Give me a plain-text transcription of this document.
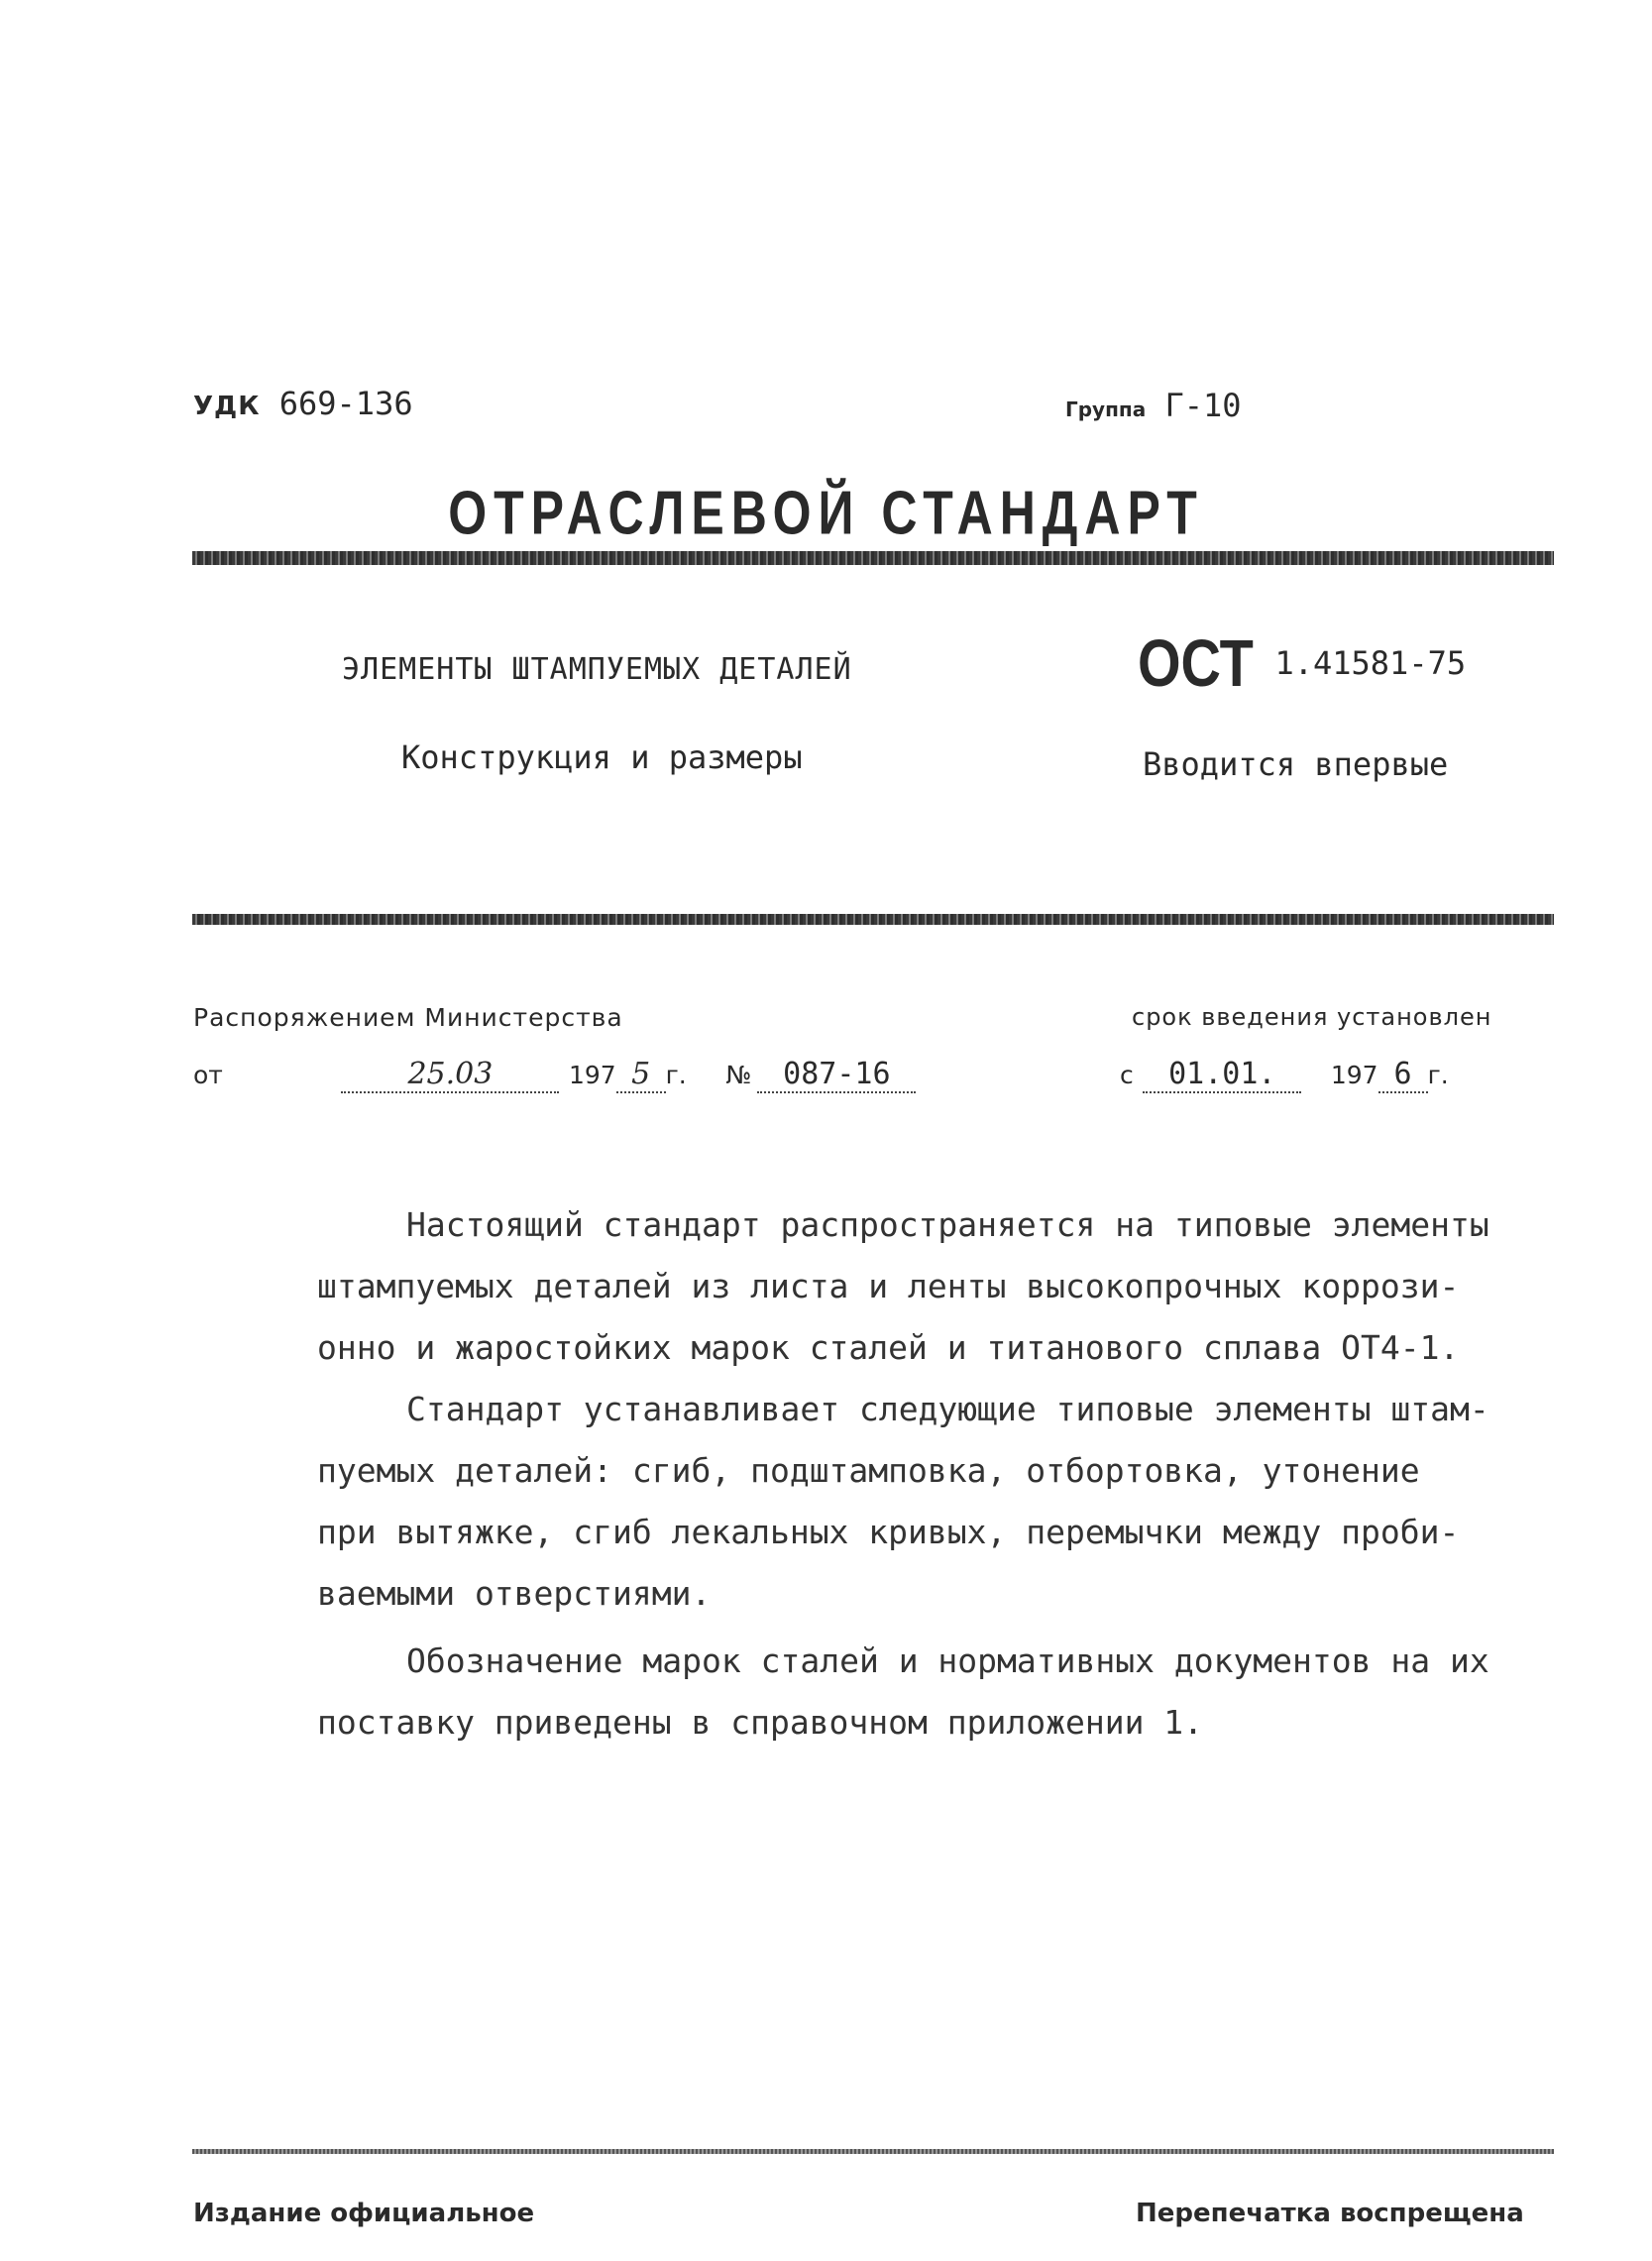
УДК 669-136	Группа Г-10
ОТРАСЛЕВОЙ СТАНДАРТ
ЭЛЕМЕНТЫ ШТАМПУЕМЫХ ДЕТАЛЕЙ
Конструкция и размеры
ОСТ 1.41581-75
Вводится впервые
Распоряжением Министерства	срок введения установлен
от	25.03	197 5 г. № 087-16	с 01.01. 197 6 г.

Настоящий стандарт распространяется на типовые элементы

штампуемых деталей из листа и ленты высокопрочных коррози-

онно и жаростойких марок сталей и титанового сплава ОТ4-1.

Стандарт устанавливает следующие типовые элементы штам-

пуемых деталей: сгиб, подштамповка, отбортовка, утонение

при вытяжке, сгиб лекальных кривых, перемычки между проби-

ваемыми отверстиями.

Обозначение марок сталей и нормативных документов на их

поставку приведены в справочном приложении 1.

Издание официальное	Перепечатка воспрещена
